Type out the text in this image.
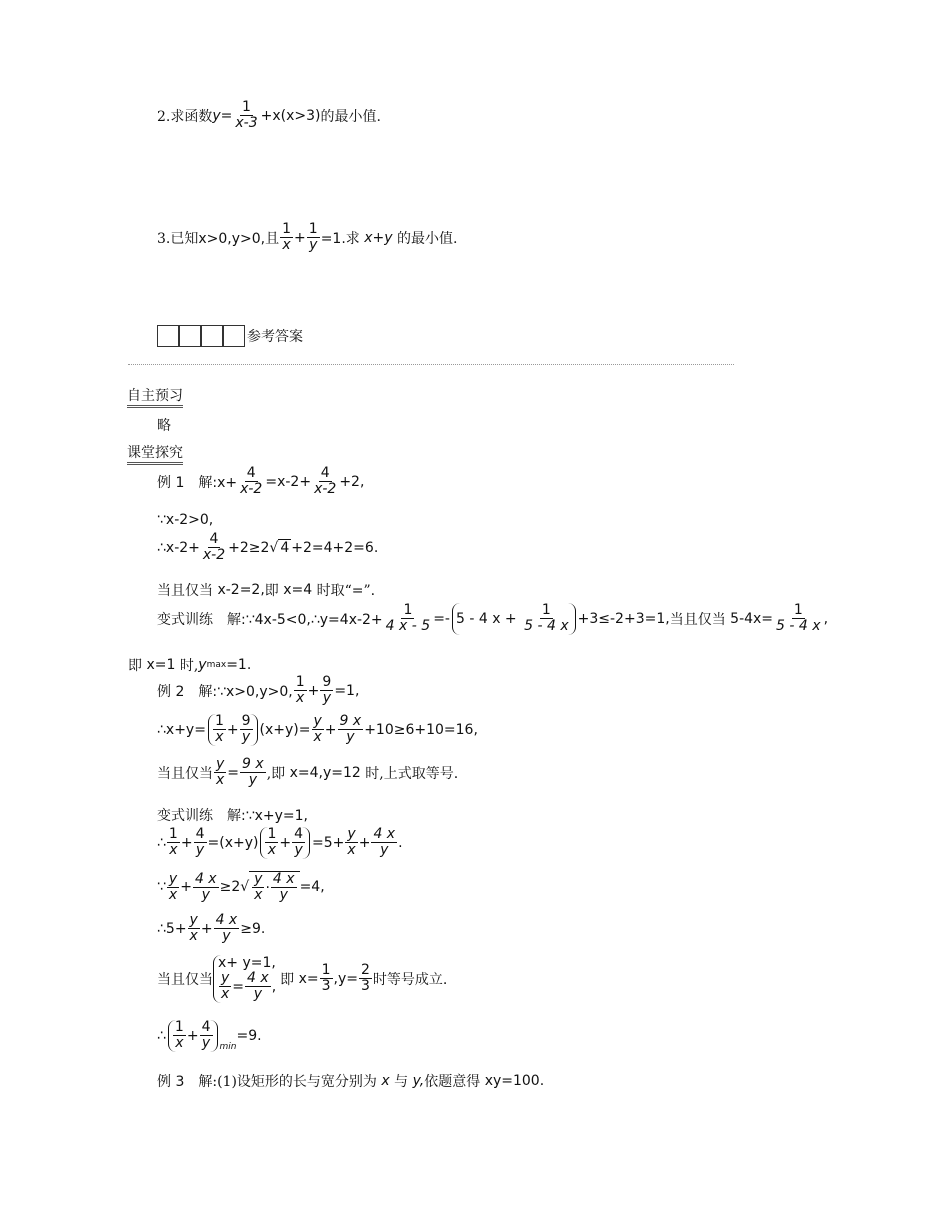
2.求函数 $y = \frac{1}{x-3} +x(x>3)$ 的最小值.
3.已知 x>0,y>0,且 $\frac{1}{x} + \frac{1}{y} =1$.求
x+y
的最小值.
参考答案
自主预习
略
课堂探究
例 1 解:x+ $\frac{4}{x-2} =x-2+ \frac{4}{x-2} +2$,
∵x-2>0,
∴x-2+ $\frac{4}{x-2} +2\ge 2$ √ 4 +2=4+2=6.
当且仅当
x-2=2, 即
x=4
时取“=”.
变式训练 解:∵4x-5<0,∴y=4x-2+ $\frac{1}{4 x - 5} =- 5 - 4$ $x + \frac{1}{5 - 4 x} +3\le-2+3=1$, 当且仅当
$5-4x= \frac{1}{5 - 4 x}$ ,
即
x=1
时, y max =1.
例 2 解:∵x>0,y>0, $\frac{1}{x} + \frac{9}{y} =1$,
∴x+y= $\frac{1}{x} + \frac{9}{y} (x+y)= \frac{y}{x} + \frac{9 x}{y} +10\ge 6+10=16$,
当且仅当 $\frac{y}{x} = \frac{9 x}{y}$ ,即
x=4,y=12
时,上式取等号.
变式训练 解:∵x+y=1,
∴ $\frac{1}{x} + \frac{4}{y} =(x+y) \frac{1}{x} + \frac{4}{y} =5+ \frac{y}{x} + \frac{4 x}{y}$ .
∵ $\frac{y}{x} + \frac{4 x}{y} \ge 2$ √ $\frac{y}{x} \cdot \frac{4 x}{y} =4$,
∴5+ $\frac{y}{x} + \frac{4 x}{y} \ge 9$.
当且仅当
x+ y=1,
$\frac{y}{x} = \frac{4 x}{y}$ , 即
$x= \frac{1}{3} ,y= \frac{2}{3}$ 时等号成立.
∴ $\frac{1}{x} + \frac{4}{y} _{min}$
=9.
例 3 解:(1)设矩形的长与宽分别为
x
与
y, 依题意得
xy=100.
